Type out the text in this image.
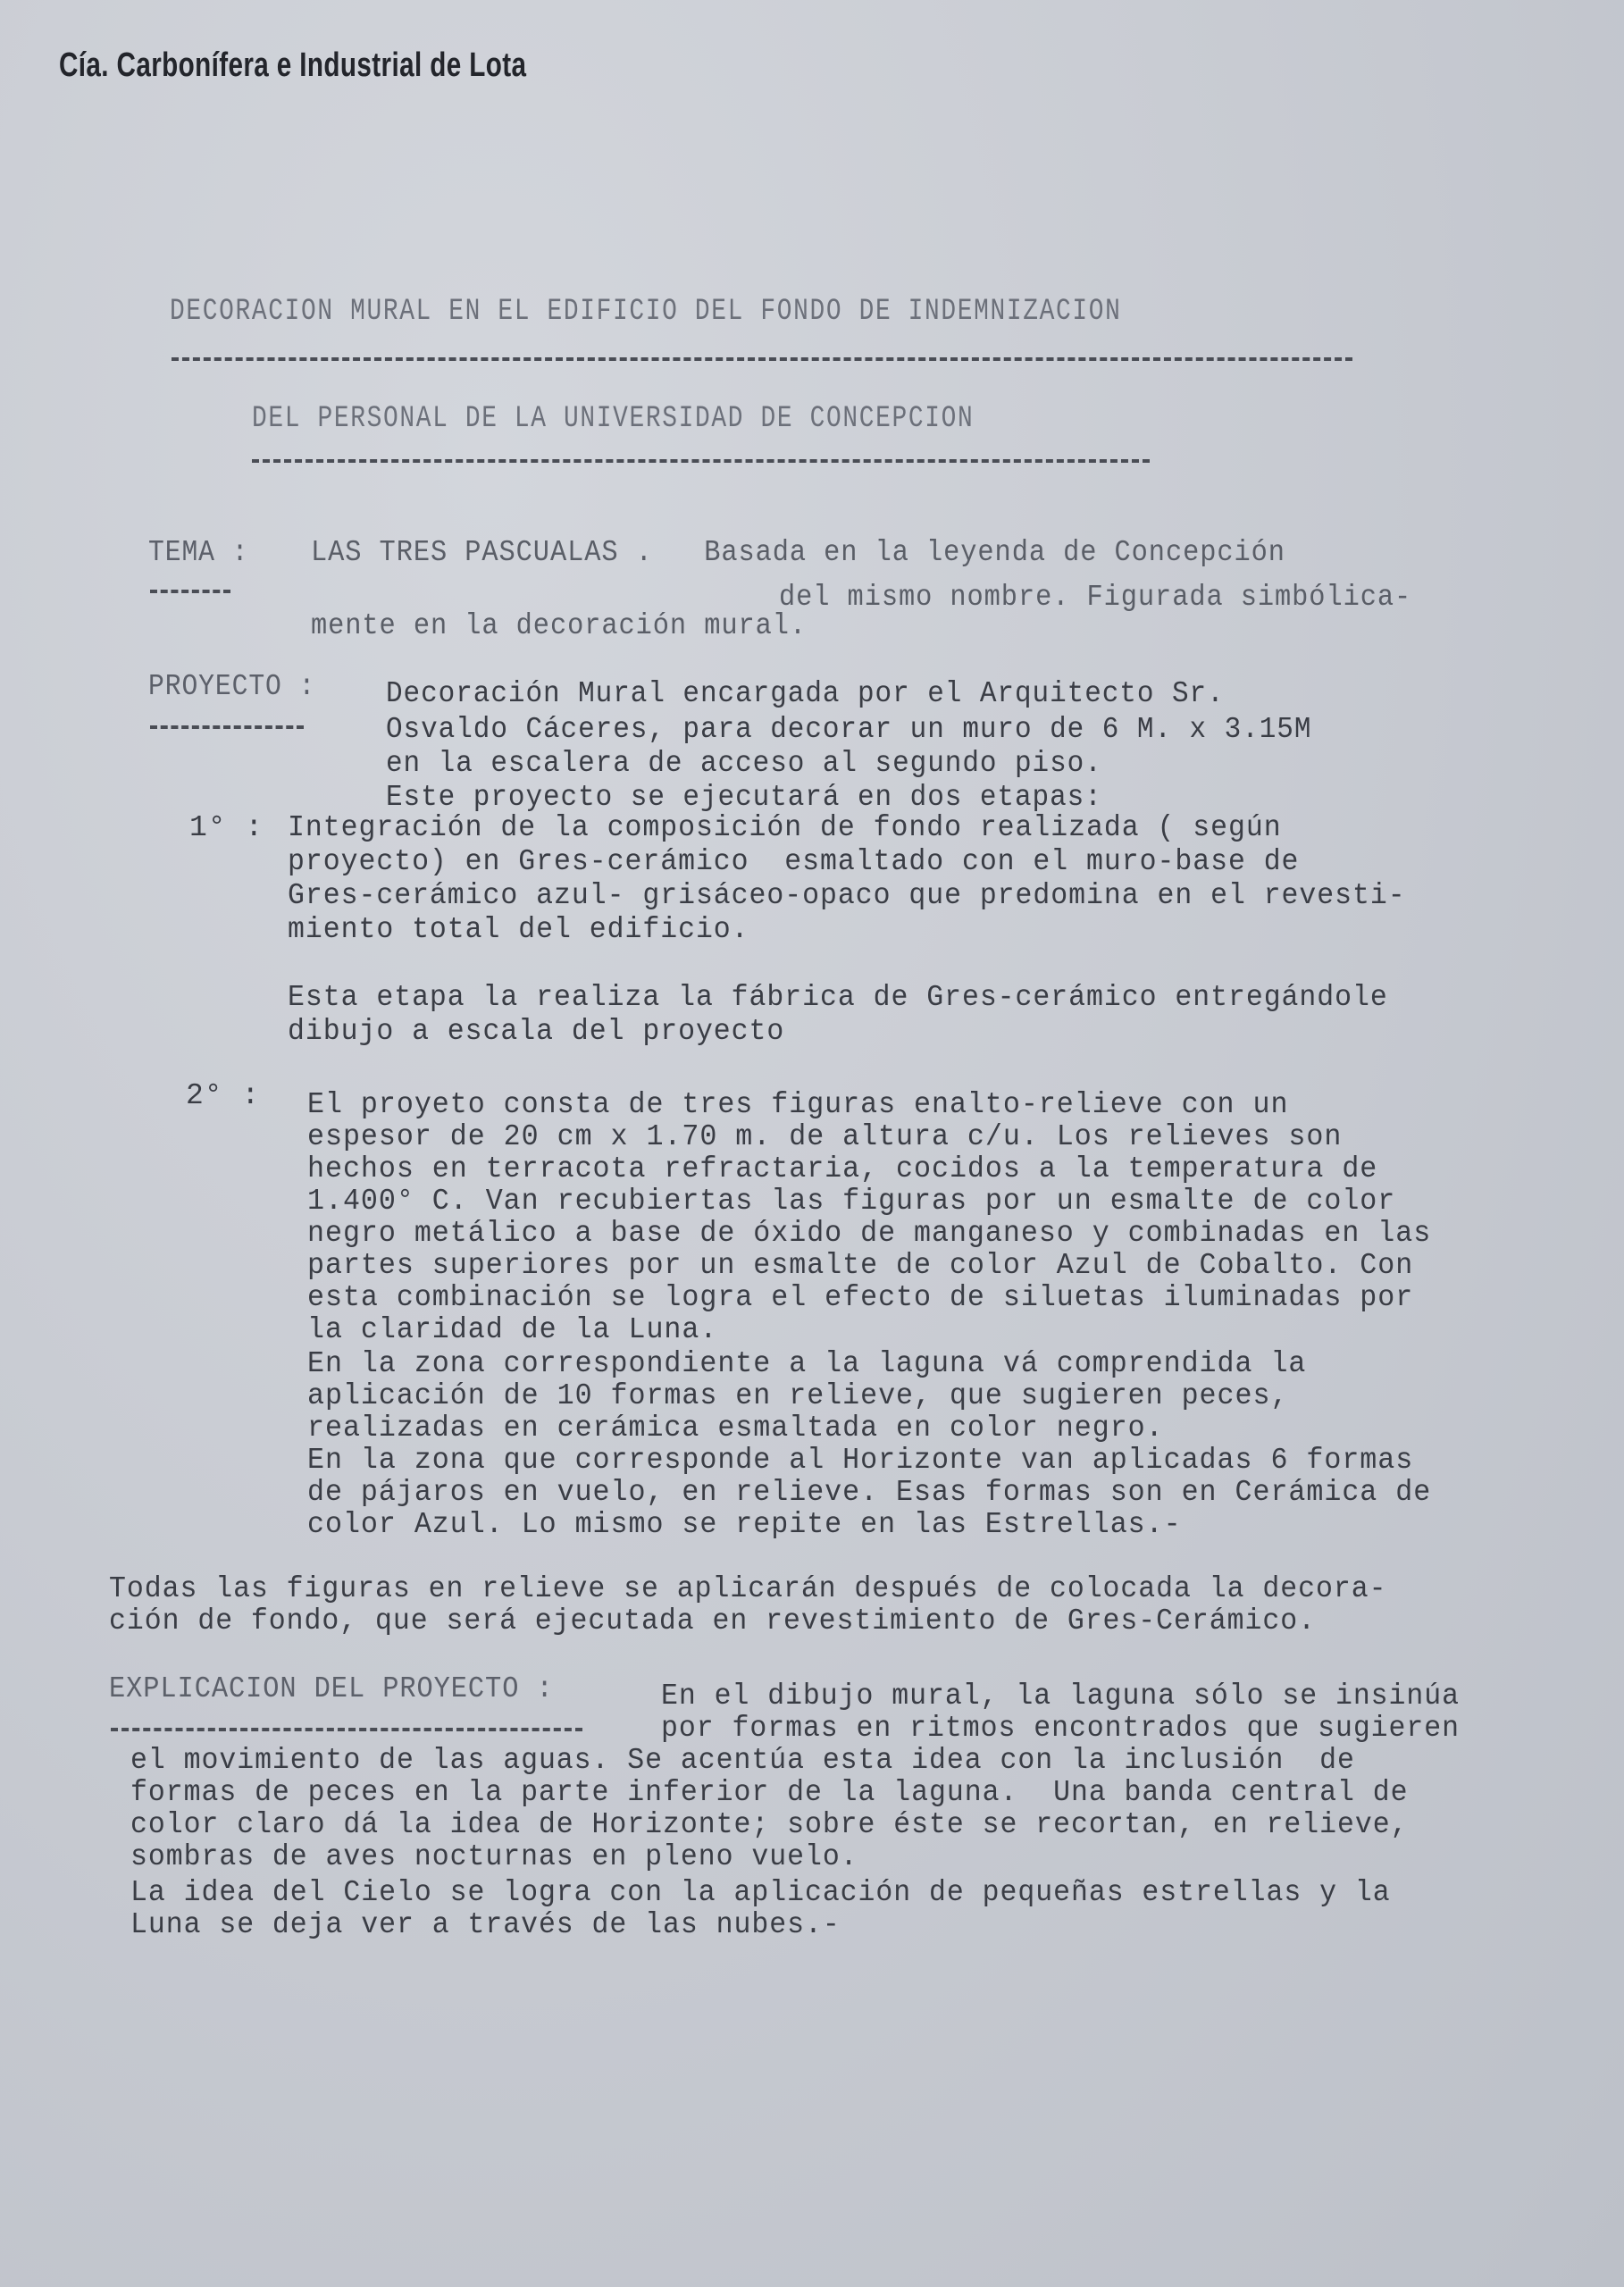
Cía. Carbonífera e Industrial de Lota
DECORACION MURAL EN EL EDIFICIO DEL FONDO DE INDEMNIZACION
DEL PERSONAL DE LA UNIVERSIDAD DE CONCEPCION
TEMA : LAS TRES PASCUALAS .   Basada en la leyenda de Concepción
del mismo nombre. Figurada simbólica-
mente en la decoración mural.
PROYECTO : Decoración Mural encargada por el Arquitecto Sr.
Osvaldo Cáceres, para decorar un muro de 6 M. x 3.15M
en la escalera de acceso al segundo piso.
Este proyecto se ejecutará en dos etapas:
1° : Integración de la composición de fondo realizada ( según
proyecto) en Gres-cerámico  esmaltado con el muro-base de
Gres-cerámico azul- grisáceo-opaco que predomina en el revesti-
miento total del edificio.
Esta etapa la realiza la fábrica de Gres-cerámico entregándole
dibujo a escala del proyecto
2° : El proyeto consta de tres figuras enalto-relieve con un
espesor de 20 cm x 1.70 m. de altura c/u. Los relieves son
hechos en terracota refractaria, cocidos a la temperatura de
1.400° C. Van recubiertas las figuras por un esmalte de color
negro metálico a base de óxido de manganeso y combinadas en las
partes superiores por un esmalte de color Azul de Cobalto. Con
esta combinación se logra el efecto de siluetas iluminadas por
la claridad de la Luna.
En la zona correspondiente a la laguna vá comprendida la
aplicación de 10 formas en relieve, que sugieren peces,
realizadas en cerámica esmaltada en color negro.
En la zona que corresponde al Horizonte van aplicadas 6 formas
de pájaros en vuelo, en relieve. Esas formas son en Cerámica de
color Azul. Lo mismo se repite en las Estrellas.-
Todas las figuras en relieve se aplicarán después de colocada la decora-
ción de fondo, que será ejecutada en revestimiento de Gres-Cerámico.
EXPLICACION DEL PROYECTO :	En el dibujo mural, la laguna sólo se insinúa
por formas en ritmos encontrados que sugieren
el movimiento de las aguas. Se acentúa esta idea con la inclusión  de
formas de peces en la parte inferior de la laguna.  Una banda central de
color claro dá la idea de Horizonte; sobre éste se recortan, en relieve,
sombras de aves nocturnas en pleno vuelo.
La idea del Cielo se logra con la aplicación de pequeñas estrellas y la
Luna se deja ver a través de las nubes.-
